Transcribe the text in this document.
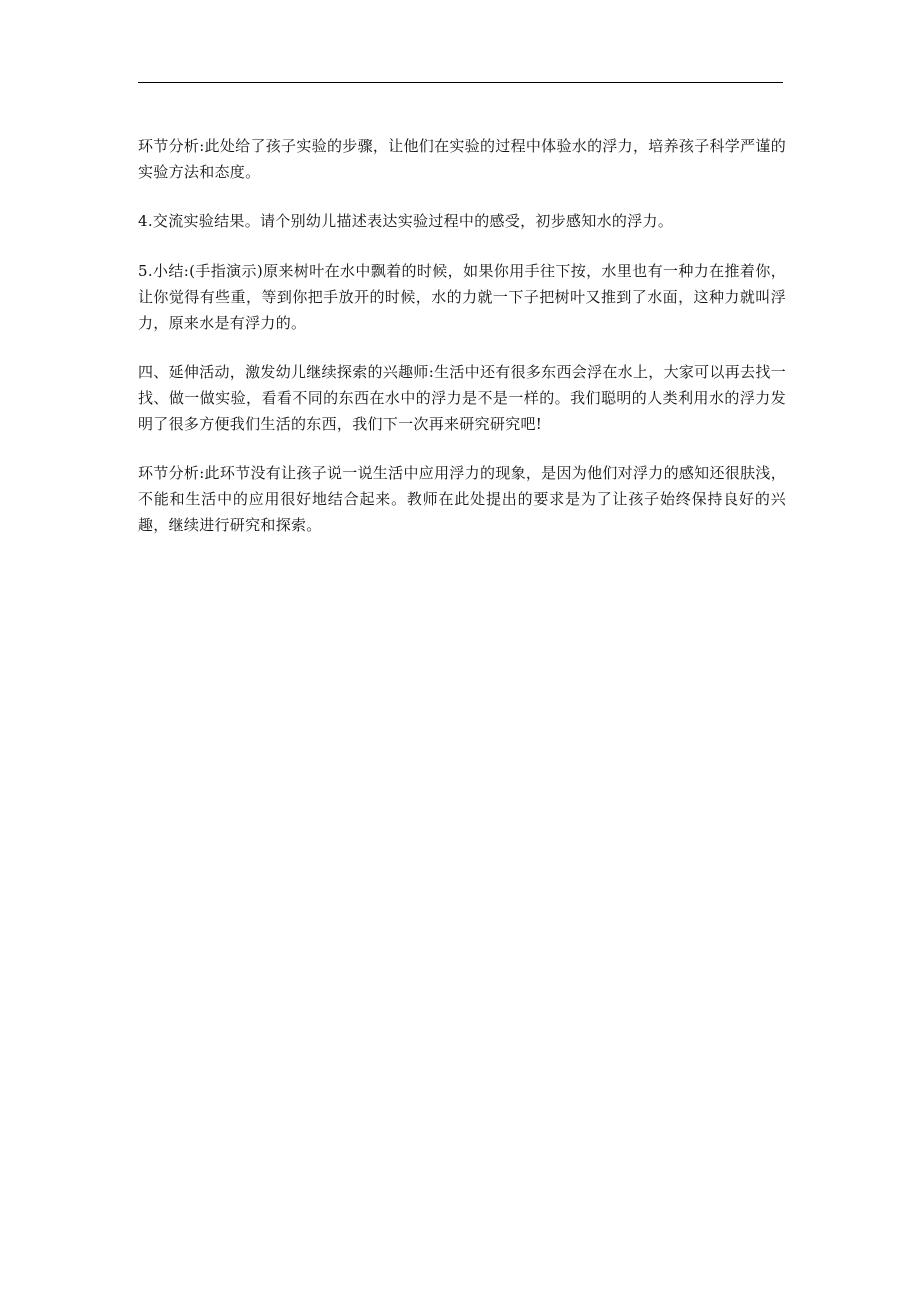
环节分析:此处给了孩子实验的步骤，让他们在实验的过程中体验水的浮力，培养孩子科学严谨的实验方法和态度。

4.交流实验结果。请个别幼儿描述表达实验过程中的感受，初步感知水的浮力。

5.小结:(手指演示)原来树叶在水中飘着的时候，如果你用手往下按，水里也有一种力在推着你，让你觉得有些重，等到你把手放开的时候，水的力就一下子把树叶又推到了水面，这种力就叫浮力，原来水是有浮力的。

四、延伸活动，激发幼儿继续探索的兴趣师:生活中还有很多东西会浮在水上，大家可以再去找一找、做一做实验，看看不同的东西在水中的浮力是不是一样的。我们聪明的人类利用水的浮力发明了很多方便我们生活的东西，我们下一次再来研究研究吧!

环节分析:此环节没有让孩子说一说生活中应用浮力的现象，是因为他们对浮力的感知还很肤浅，不能和生活中的应用很好地结合起来。教师在此处提出的要求是为了让孩子始终保持良好的兴趣，继续进行研究和探索。
